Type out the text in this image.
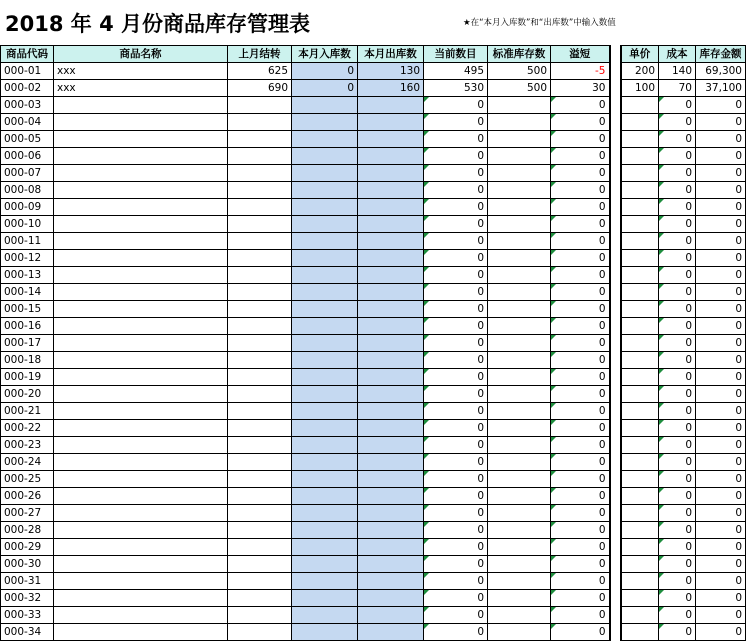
2018 年 4 月份商品库存管理表	★在“本月入库数”和“出库数”中输入数值
商品代码	商品名称	上月结转	本月入库数	本月出库数	当前数目	标准库存数	溢短		单价	成本	库存金额
000-01	xxx	625	0	130	495	500	-5		200	140	69,300
000-02	xxx	690	0	160	530	500	30		100	70	37,100
000-03					0		0			0	0
000-04					0		0			0	0
000-05					0		0			0	0
000-06					0		0			0	0
000-07					0		0			0	0
000-08					0		0			0	0
000-09					0		0			0	0
000-10					0		0			0	0
000-11					0		0			0	0
000-12					0		0			0	0
000-13					0		0			0	0
000-14					0		0			0	0
000-15					0		0			0	0
000-16					0		0			0	0
000-17					0		0			0	0
000-18					0		0			0	0
000-19					0		0			0	0
000-20					0		0			0	0
000-21					0		0			0	0
000-22					0		0			0	0
000-23					0		0			0	0
000-24					0		0			0	0
000-25					0		0			0	0
000-26					0		0			0	0
000-27					0		0			0	0
000-28					0		0			0	0
000-29					0		0			0	0
000-30					0		0			0	0
000-31					0		0			0	0
000-32					0		0			0	0
000-33					0		0			0	0
000-34					0		0			0	0
